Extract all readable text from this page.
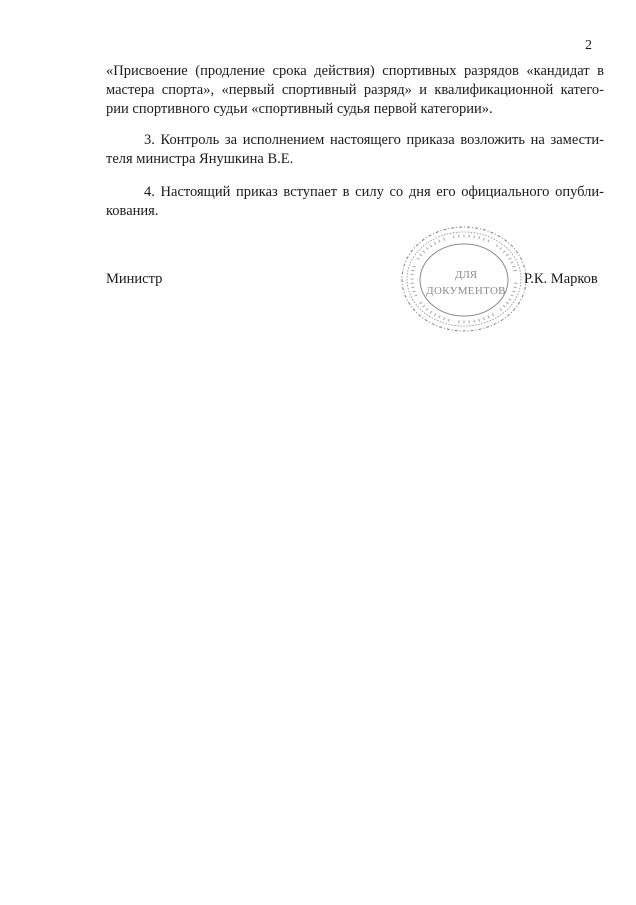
2

«Присвоение (продление срока действия) спортивных разрядов «кандидат в
мастера спорта», «первый спортивный разряд» и квалификационной катего-
рии спортивного судьи «спортивный судья первой категории».

3. Контроль за исполнением настоящего приказа возложить на замести-
теля министра Янушкина В.Е.

4. Настоящий приказ вступает в силу со дня его официального опубли-
кования.

Министр	ДЛЯ
ДОКУМЕНТОВ
Р.К. Марков
